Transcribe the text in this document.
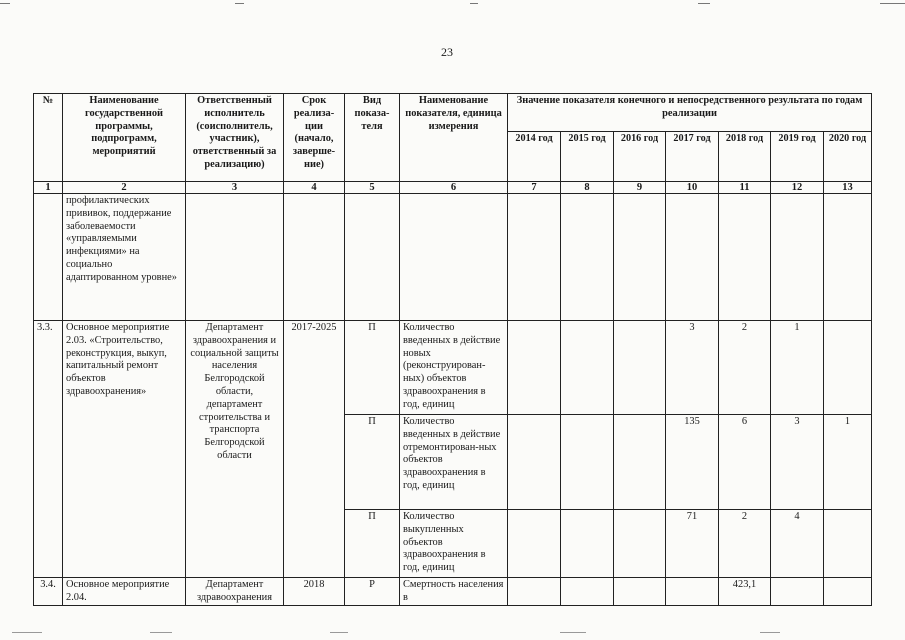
23
№	Наименование государственной программы, подпрограмм, мероприятий	Ответственный исполнитель (соисполнитель, участник), ответственный за реализацию)	Срок реализа-ции (начало, заверше-ние)	Вид показа-теля	Наименование показателя, единица измерения	Значение показателя конечного и непосредственного результата по годам реализации						
						2014 год	2015 год	2016 год	2017 год	2018 год	2019 год	2020 год
1	2	3	4	5	6	7	8	9	10	11	12	13
	профилактических прививок, поддержание заболеваемости «управляемыми инфекциями» на социально адаптированном уровне»											
3.3.	Основное мероприятие 2.03. «Строительство, реконструкция, выкуп, капитальный ремонт объектов здравоохранения»	Департамент здравоохранения и социальной защиты населения Белгородской области, департамент строительства и транспорта Белгородской области	2017-2025	П	Количество введенных в действие новых (реконструирован-ных) объектов здравоохранения в год, единиц				3	2	1	
				П	Количество введенных в действие отремонтирован-ных объектов здравоохранения в год, единиц				135	6	3	1
				П	Количество выкупленных объектов здравоохранения в год, единиц				71	2	4	
3.4.	Основное мероприятие 2.04.	Департамент здравоохранения	2018	Р	Смертность населения в					423,1		
